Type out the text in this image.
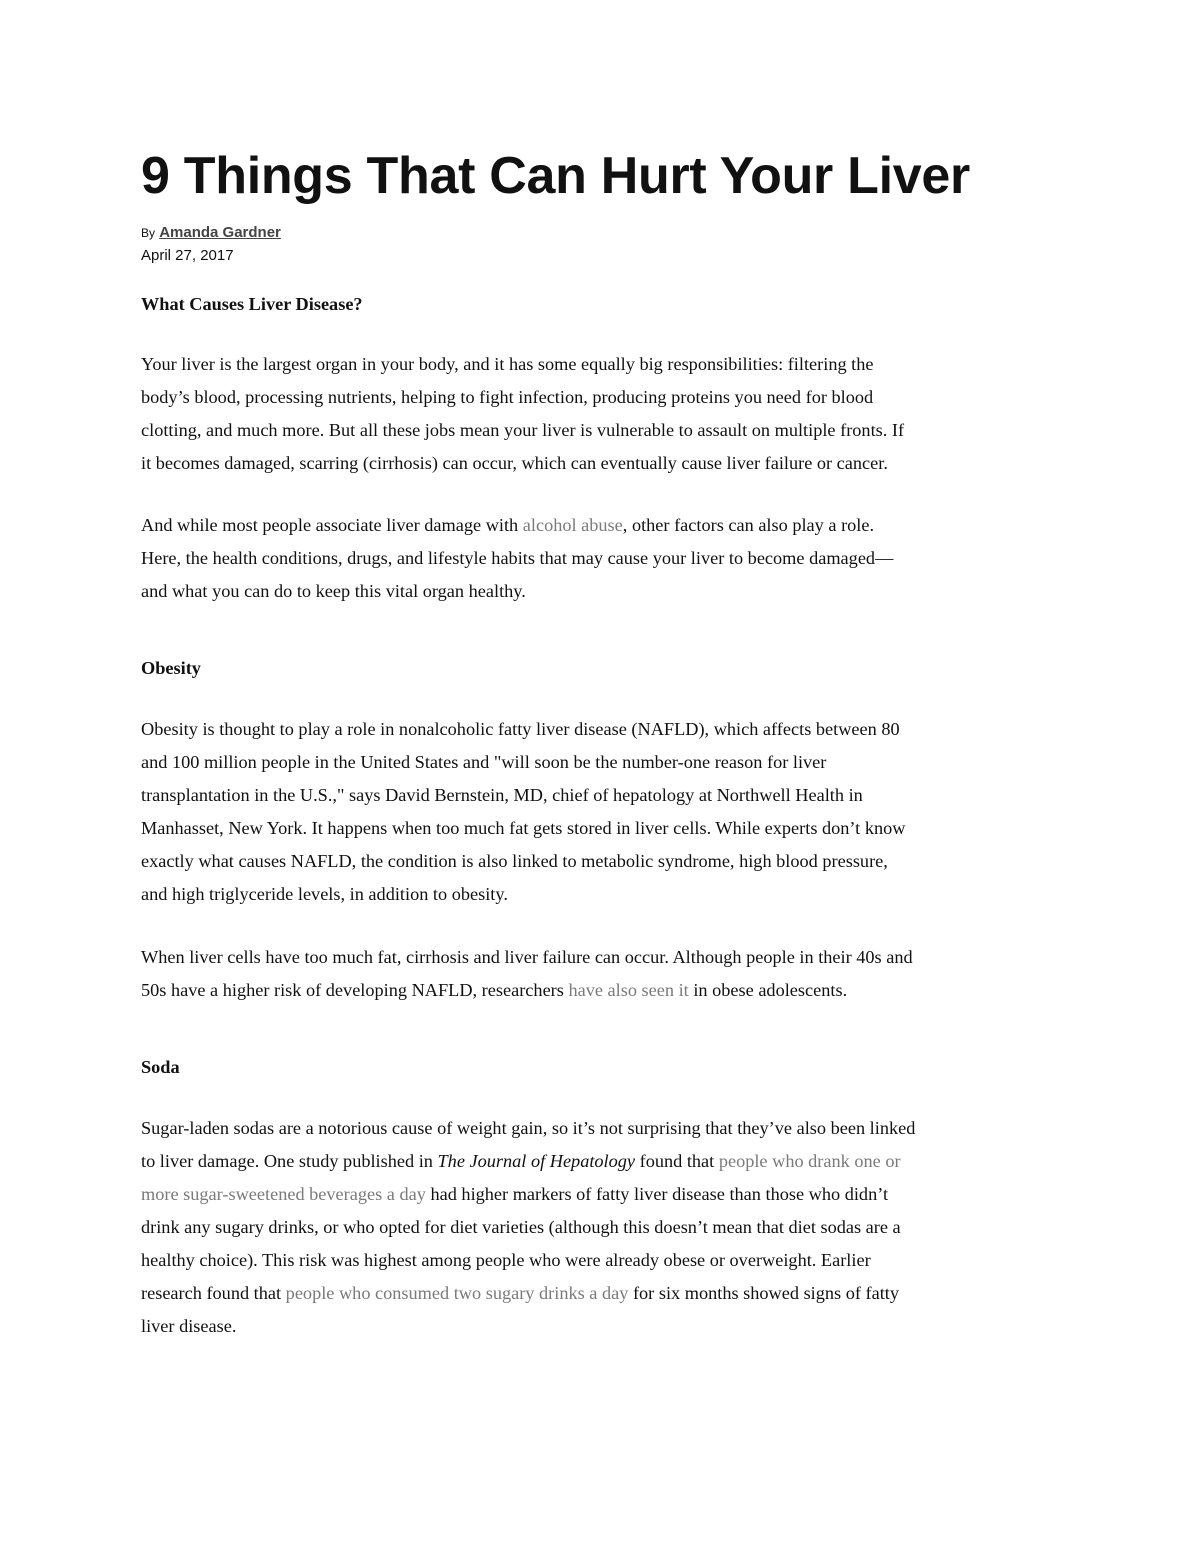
9 Things That Can Hurt Your Liver
By Amanda Gardner
April 27, 2017
What Causes Liver Disease?

Your liver is the largest organ in your body, and it has some equally big responsibilities: filtering the
body’s blood, processing nutrients, helping to fight infection, producing proteins you need for blood
clotting, and much more. But all these jobs mean your liver is vulnerable to assault on multiple fronts. If
it becomes damaged, scarring (cirrhosis) can occur, which can eventually cause liver failure or cancer.

And while most people associate liver damage with alcohol abuse, other factors can also play a role.
Here, the health conditions, drugs, and lifestyle habits that may cause your liver to become damaged—
and what you can do to keep this vital organ healthy.

Obesity

Obesity is thought to play a role in nonalcoholic fatty liver disease (NAFLD), which affects between 80
and 100 million people in the United States and "will soon be the number-one reason for liver
transplantation in the U.S.," says David Bernstein, MD, chief of hepatology at Northwell Health in
Manhasset, New York. It happens when too much fat gets stored in liver cells. While experts don’t know
exactly what causes NAFLD, the condition is also linked to metabolic syndrome, high blood pressure,
and high triglyceride levels, in addition to obesity.

When liver cells have too much fat, cirrhosis and liver failure can occur. Although people in their 40s and
50s have a higher risk of developing NAFLD, researchers have also seen it in obese adolescents.

Soda

Sugar-laden sodas are a notorious cause of weight gain, so it’s not surprising that they’ve also been linked
to liver damage. One study published in The Journal of Hepatology found that people who drank one or
more sugar-sweetened beverages a day had higher markers of fatty liver disease than those who didn’t
drink any sugary drinks, or who opted for diet varieties (although this doesn’t mean that diet sodas are a
healthy choice). This risk was highest among people who were already obese or overweight. Earlier
research found that people who consumed two sugary drinks a day for six months showed signs of fatty
liver disease.
